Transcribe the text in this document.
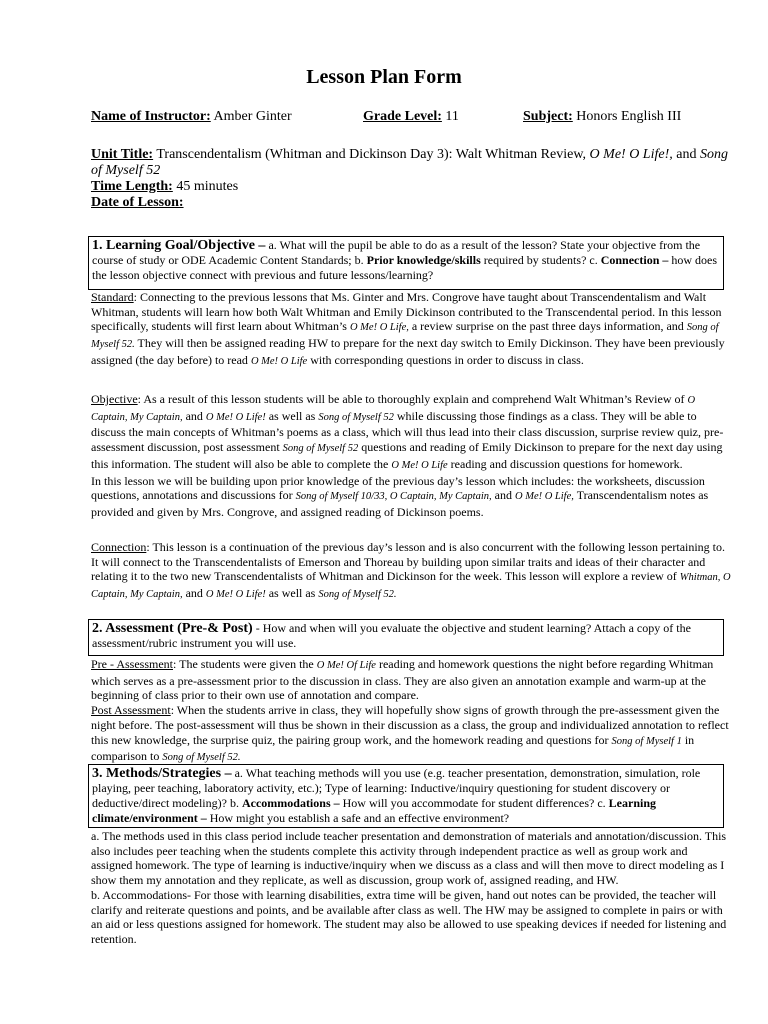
Lesson Plan Form
Name of Instructor: Amber Ginter	Grade Level: 11	Subject: Honors English III
Unit Title: Transcendentalism (Whitman and Dickinson Day 3): Walt Whitman Review, O Me! O Life!, and Song of Myself 52
Time Length: 45 minutes
Date of Lesson:
1. Learning Goal/Objective – a. What will the pupil be able to do as a result of the lesson? State your objective from the course of study or ODE Academic Content Standards; b. Prior knowledge/skills required by students? c. Connection – how does the lesson objective connect with previous and future lessons/learning?
Standard: Connecting to the previous lessons that Ms. Ginter and Mrs. Congrove have taught about Transcendentalism and Walt Whitman, students will learn how both Walt Whitman and Emily Dickinson contributed to the Transcendental period. In this lesson specifically, students will first learn about Whitman’s O Me! O Life, a review surprise on the past three days information, and Song of Myself 52. They will then be assigned reading HW to prepare for the next day switch to Emily Dickinson. They have been previously assigned (the day before) to read O Me! O Life with corresponding questions in order to discuss in class.
Objective: As a result of this lesson students will be able to thoroughly explain and comprehend Walt Whitman’s Review of O Captain, My Captain, and O Me! O Life! as well as Song of Myself 52 while discussing those findings as a class. They will be able to discuss the main concepts of Whitman’s poems as a class, which will thus lead into their class discussion, surprise review quiz, pre-assessment discussion, post assessment Song of Myself 52 questions and reading of Emily Dickinson to prepare for the next day using this information. The student will also be able to complete the O Me! O Life reading and discussion questions for homework.
In this lesson we will be building upon prior knowledge of the previous day’s lesson which includes: the worksheets, discussion questions, annotations and discussions for Song of Myself 10/33, O Captain, My Captain, and O Me! O Life, Transcendentalism notes as provided and given by Mrs. Congrove, and assigned reading of Dickinson poems.
Connection: This lesson is a continuation of the previous day’s lesson and is also concurrent with the following lesson pertaining to. It will connect to the Transcendentalists of Emerson and Thoreau by building upon similar traits and ideas of their character and relating it to the two new Transcendentalists of Whitman and Dickinson for the week. This lesson will explore a review of Whitman, O Captain, My Captain, and O Me! O Life! as well as Song of Myself 52.
2. Assessment (Pre-& Post) - How and when will you evaluate the objective and student learning? Attach a copy of the assessment/rubric instrument you will use.
Pre - Assessment: The students were given the O Me! Of Life reading and homework questions the night before regarding Whitman which serves as a pre-assessment prior to the discussion in class. They are also given an annotation example and warm-up at the beginning of class prior to their own use of annotation and compare.
Post Assessment: When the students arrive in class, they will hopefully show signs of growth through the pre-assessment given the night before. The post-assessment will thus be shown in their discussion as a class, the group and individualized annotation to reflect this new knowledge, the surprise quiz, the pairing group work, and the homework reading and questions for Song of Myself 1 in comparison to Song of Myself 52.
3. Methods/Strategies – a. What teaching methods will you use (e.g. teacher presentation, demonstration, simulation, role playing, peer teaching, laboratory activity, etc.); Type of learning: Inductive/inquiry questioning for student discovery or deductive/direct modeling)? b. Accommodations – How will you accommodate for student differences? c. Learning climate/environment – How might you establish a safe and an effective environment?

a. The methods used in this class period include teacher presentation and demonstration of materials and annotation/discussion. This also includes peer teaching when the students complete this activity through independent practice as well as group work and assigned homework. The type of learning is inductive/inquiry when we discuss as a class and will then move to direct modeling as I show them my annotation and they replicate, as well as discussion, group work of, assigned reading, and HW.

b. Accommodations- For those with learning disabilities, extra time will be given, hand out notes can be provided, the teacher will clarify and reiterate questions and points, and be available after class as well. The HW may be assigned to complete in pairs or with an aid or less questions assigned for homework. The student may also be allowed to use speaking devices if needed for listening and retention.
